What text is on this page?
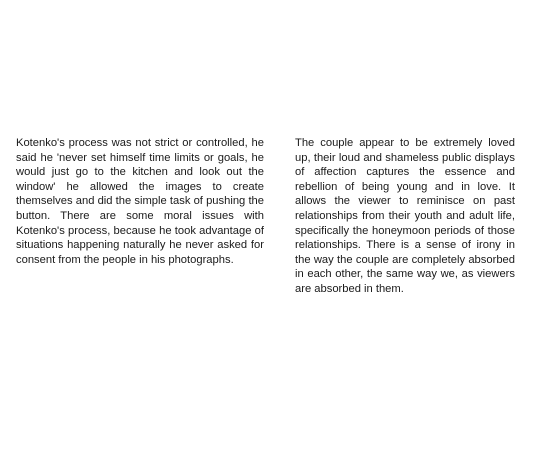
Kotenko's process was not strict or controlled, he said he 'never set himself time limits or goals, he would just go to the kitchen and look out the window' he allowed the images to create themselves and did the simple task of pushing the button. There are some moral issues with Kotenko's process, because he took advantage of situations happening naturally he never asked for consent from the people in his photographs.

The couple appear to be extremely loved up, their loud and shameless public displays of affection captures the essence and rebellion of being young and in love. It allows the viewer to reminisce on past relationships from their youth and adult life, specifically the honeymoon periods of those relationships. There is a sense of irony in the way the couple are completely absorbed in each other, the same way we, as viewers are absorbed in them.
